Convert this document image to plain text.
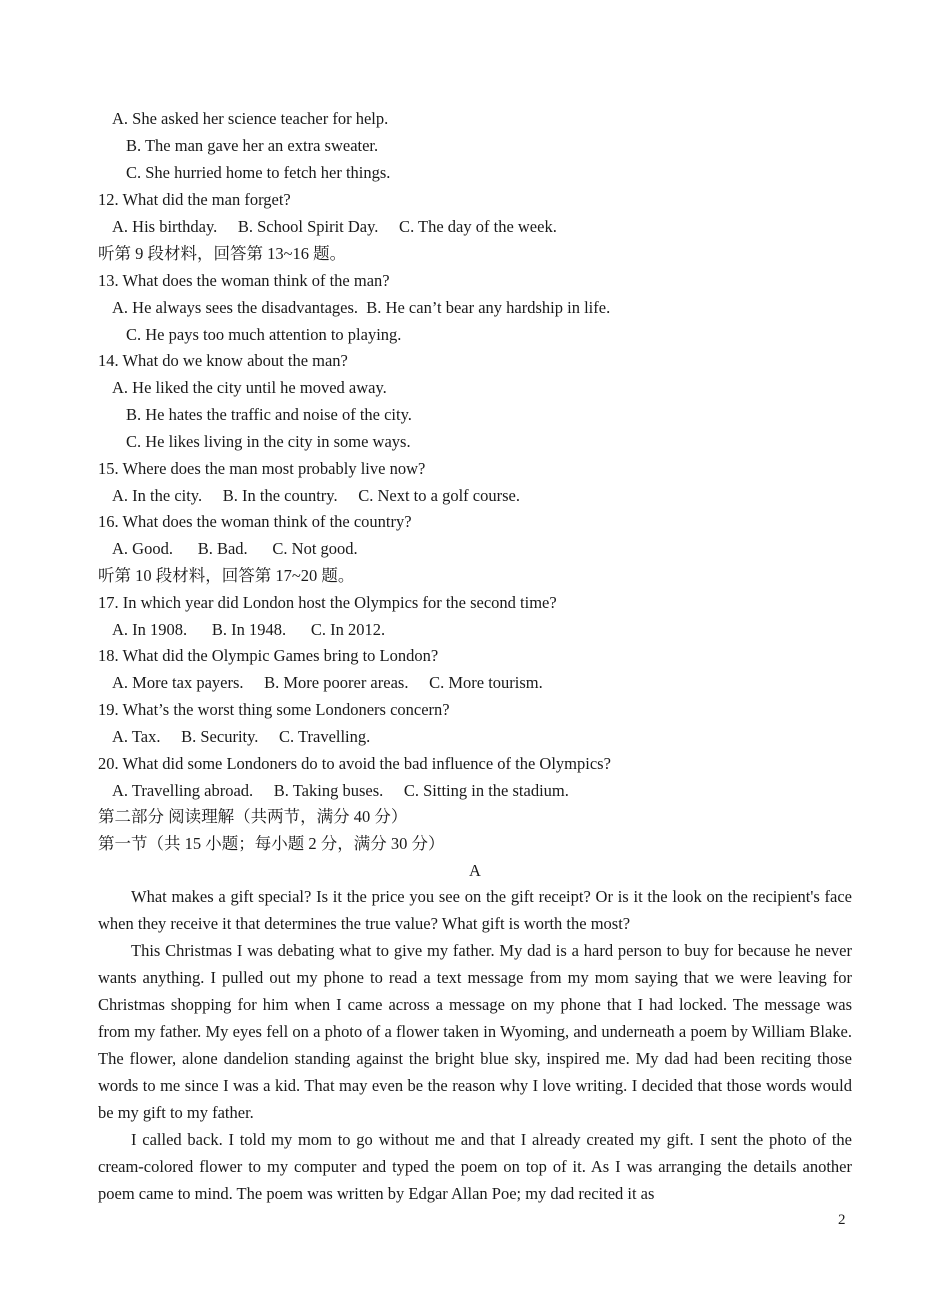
A. She asked her science teacher for help.
B. The man gave her an extra sweater.
C. She hurried home to fetch her things.
12. What did the man forget?
A. His birthday.     B. School Spirit Day.     C. The day of the week.
听第 9 段材料，回答第 13~16 题。
13. What does the woman think of the man?
A. He always sees the disadvantages.  B. He can’t bear any hardship in life.
C. He pays too much attention to playing.
14. What do we know about the man?
A. He liked the city until he moved away.
B. He hates the traffic and noise of the city.
C. He likes living in the city in some ways.
15. Where does the man most probably live now?
A. In the city.     B. In the country.     C. Next to a golf course.
16. What does the woman think of the country?
A. Good.      B. Bad.      C. Not good.
听第 10 段材料，回答第 17~20 题。
17. In which year did London host the Olympics for the second time?
A. In 1908.      B. In 1948.      C. In 2012.
18. What did the Olympic Games bring to London?
A. More tax payers.     B. More poorer areas.     C. More tourism.
19. What’s the worst thing some Londoners concern?
A. Tax.     B. Security.     C. Travelling.
20. What did some Londoners do to avoid the bad influence of the Olympics?
A. Travelling abroad.     B. Taking buses.     C. Sitting in the stadium.
第二部分 阅读理解（共两节，满分 40 分）
第一节（共 15 小题；每小题 2 分，满分 30 分）
A

What makes a gift special? Is it the price you see on the gift receipt? Or is it the look on the recipient's face when they receive it that determines the true value? What gift is worth the most?

This Christmas I was debating what to give my father. My dad is a hard person to buy for because he never wants anything. I pulled out my phone to read a text message from my mom saying that we were leaving for Christmas shopping for him when I came across a message on my phone that I had locked. The message was from my father. My eyes fell on a photo of a flower taken in Wyoming, and underneath a poem by William Blake. The flower, alone dandelion standing against the bright blue sky, inspired me. My dad had been reciting those words to me since I was a kid. That may even be the reason why I love writing. I decided that those words would be my gift to my father.

I called back. I told my mom to go without me and that I already created my gift. I sent the photo of the cream-colored flower to my computer and typed the poem on top of it. As I was arranging the details another poem came to mind. The poem was written by Edgar Allan Poe; my dad recited it as

2
